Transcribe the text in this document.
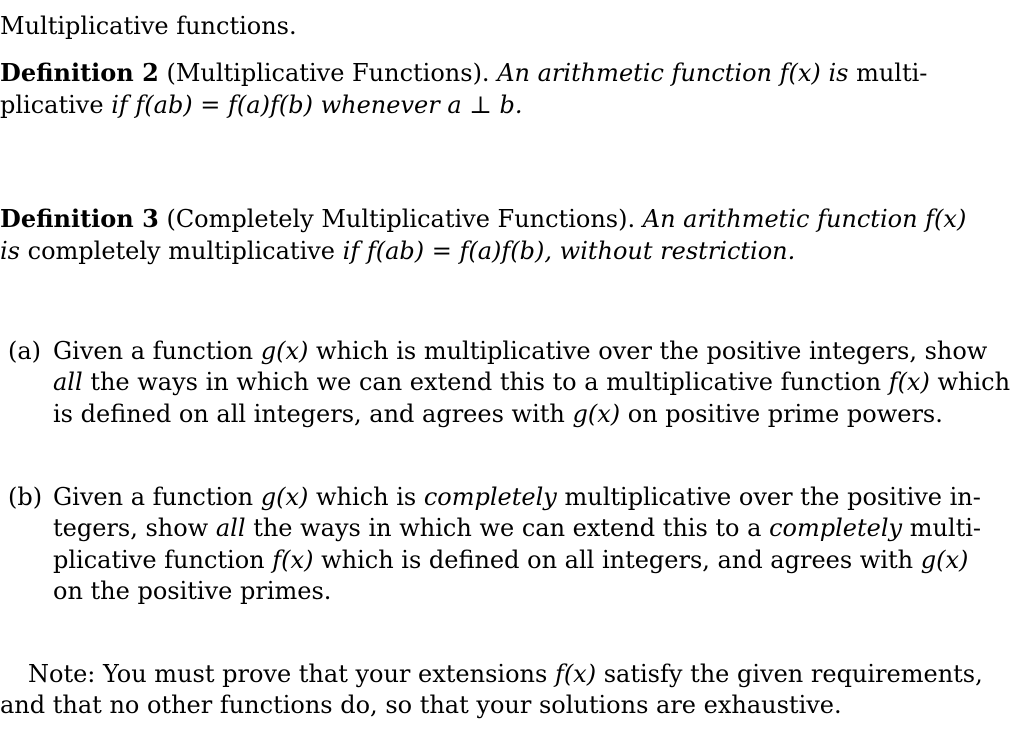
Multiplicative functions.
Definition 2 (Multiplicative Functions). An arithmetic function f(x) is multi-
plicative if f(ab) = f(a)f(b) whenever a ⊥ b.
Definition 3 (Completely Multiplicative Functions). An arithmetic function f(x)
is completely multiplicative if f(ab) = f(a)f(b), without restriction.
(a) Given a function g(x) which is multiplicative over the positive integers, show
all the ways in which we can extend this to a multiplicative function f(x) which
is defined on all integers, and agrees with g(x) on positive prime powers.
(b) Given a function g(x) which is completely multiplicative over the positive in-
tegers, show all the ways in which we can extend this to a completely multi-
plicative function f(x) which is defined on all integers, and agrees with g(x)
on the positive primes.
Note: You must prove that your extensions f(x) satisfy the given requirements,
and that no other functions do, so that your solutions are exhaustive.
